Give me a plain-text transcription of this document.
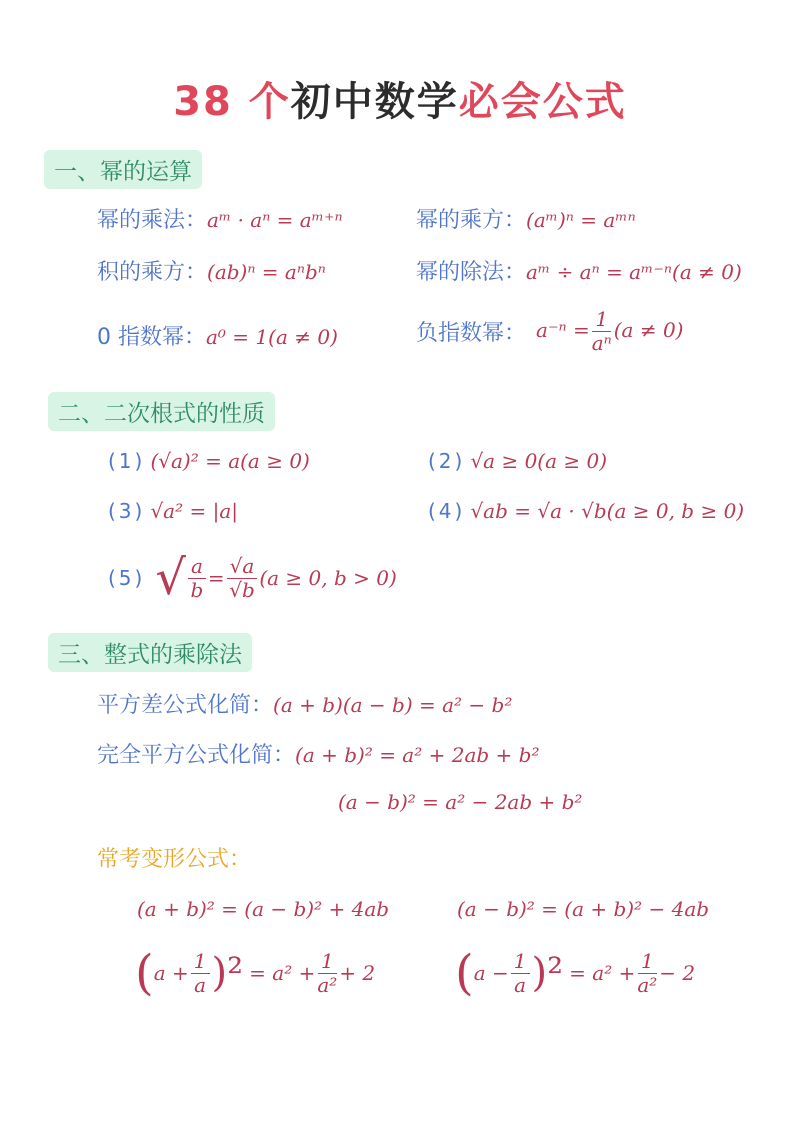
38 个初中数学必会公式
一、幂的运算
幂的乘法：aᵐ · aⁿ = aᵐ⁺ⁿ	幂的乘方：(aᵐ)ⁿ = aᵐⁿ
积的乘方：(ab)ⁿ = aⁿbⁿ	幂的除法：aᵐ ÷ aⁿ = aᵐ⁻ⁿ(a ≠ 0)
0 指数幂：a⁰ = 1(a ≠ 0)	负指数幂： $a^{-n} = \frac{1}{\text{aⁿ}} (a \ne 0)$
二、二次根式的性质
(1) (√a)² = a(a ≥ 0)	(2) √a ≥ 0(a ≥ 0)
(3) √a² = |a|	(4) √ab = √a · √b(a ≥ 0, b ≥ 0)
(5) √ $\frac{a}{b} = \frac{√a}{√b} (a \ge 0$, b > 0)
三、整式的乘除法
平方差公式化简：(a + b)(a − b) = a² − b²
完全平方公式化简：(a + b)² = a² + 2ab + b²
(a − b)² = a² − 2ab + b²
常考变形公式：
(a + b)² = (a − b)² + 4ab	(a − b)² = (a + b)² − 4ab
( $a + \frac{1}{a} )^2 = a^2 + \frac{1}{\text{a²}} + 2$ ( $a - \frac{1}{a} )^2 = a^2 + \frac{1}{\text{a²}} - 2$
